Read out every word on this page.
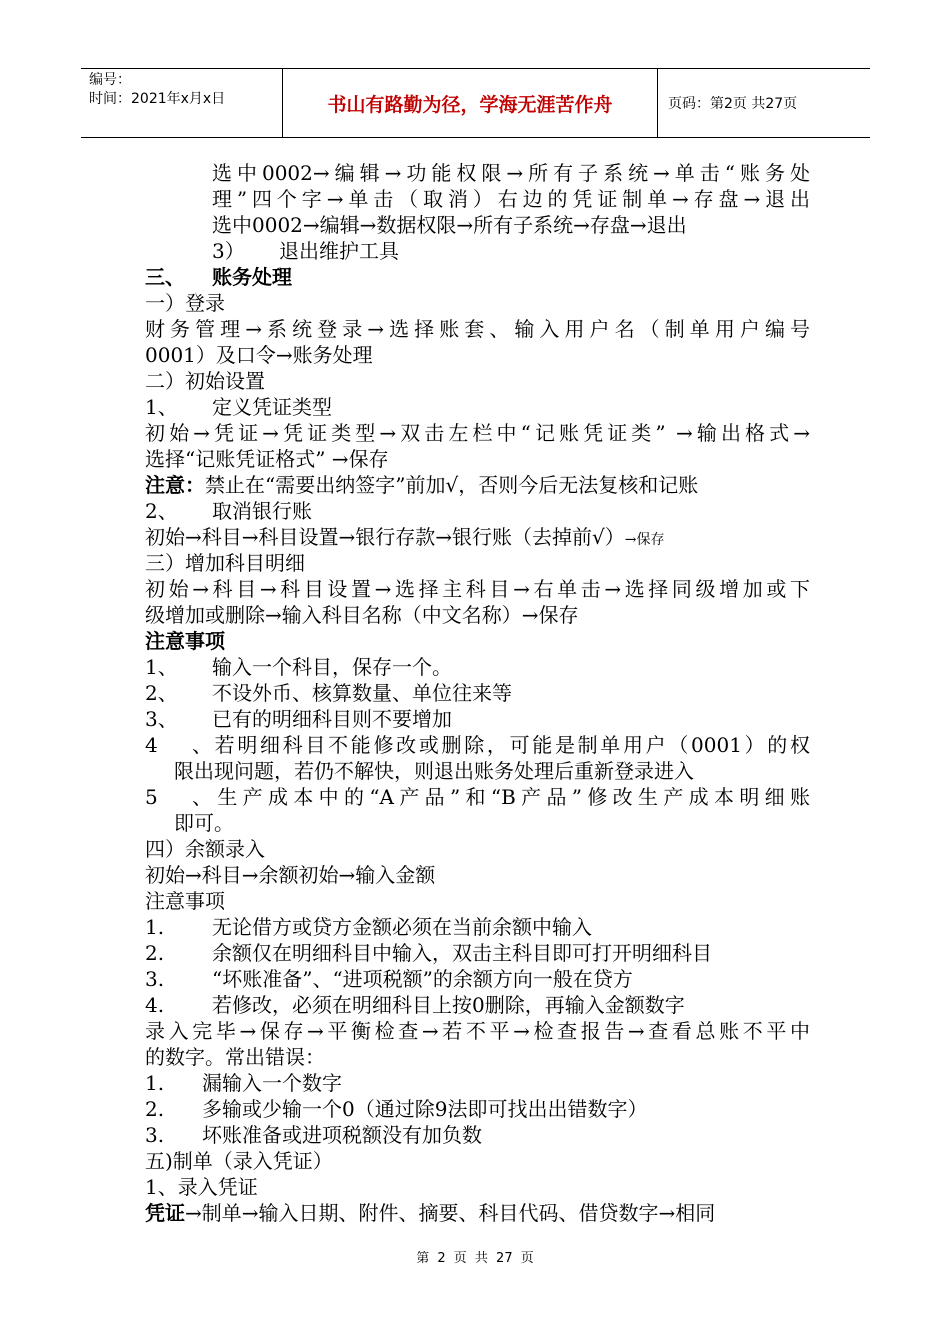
编号：
时间：2021年x月x日	书山有路勤为径，学海无涯苦作舟	页码：第2页 共27页
选中0002→编辑→功能权限→所有子系统→单击“账务处
理”四个字→单击（取消）右边的凭证制单→存盘→退出
选中0002→编辑→数据权限→所有子系统→存盘→退出
3） 退出维护工具
三、 账务处理
一）登录
财务管理→系统登录→选择账套、输入用户名（制单用户编号
0001）及口令→账务处理
二）初始设置
1、 定义凭证类型
初始→凭证→凭证类型→双击左栏中“记账凭证类” →输出格式→
选择“记账凭证格式” →保存
注意：禁止在“需要出纳签字”前加√，否则今后无法复核和记账
2、 取消银行账
初始→科目→科目设置→银行存款→银行账（去掉前√）→保存
三）增加科目明细
初始→科目→科目设置→选择主科目→右单击→选择同级增加或下
级增加或删除→输入科目名称（中文名称）→保存
注意事项
1、 输入一个科目，保存一个。
2、 不设外币、核算数量、单位往来等
3、 已有的明细科目则不要增加
4、若明细科目不能修改或删除，可能是制单用户（0001）的权
限出现问题，若仍不解快，则退出账务处理后重新登录进入
5、生产成本中的“A产品”和“B产品”修改生产成本明细账
即可。
四）余额录入
初始→科目→余额初始→输入金额
注意事项
1. 无论借方或贷方金额必须在当前余额中输入
2. 余额仅在明细科目中输入，双击主科目即可打开明细科目
3. “坏账准备”、“进项税额”的余额方向一般在贷方
4. 若修改，必须在明细科目上按0删除，再输入金额数字
录入完毕→保存→平衡检查→若不平→检查报告→查看总账不平中
的数字。常出错误：
1. 漏输入一个数字
2. 多输或少输一个0（通过除9法即可找出出错数字）
3. 坏账准备或进项税额没有加负数
五)制单（录入凭证）
1、录入凭证
凭证→制单→输入日期、附件、摘要、科目代码、借贷数字→相同
第 2 页 共 27 页
